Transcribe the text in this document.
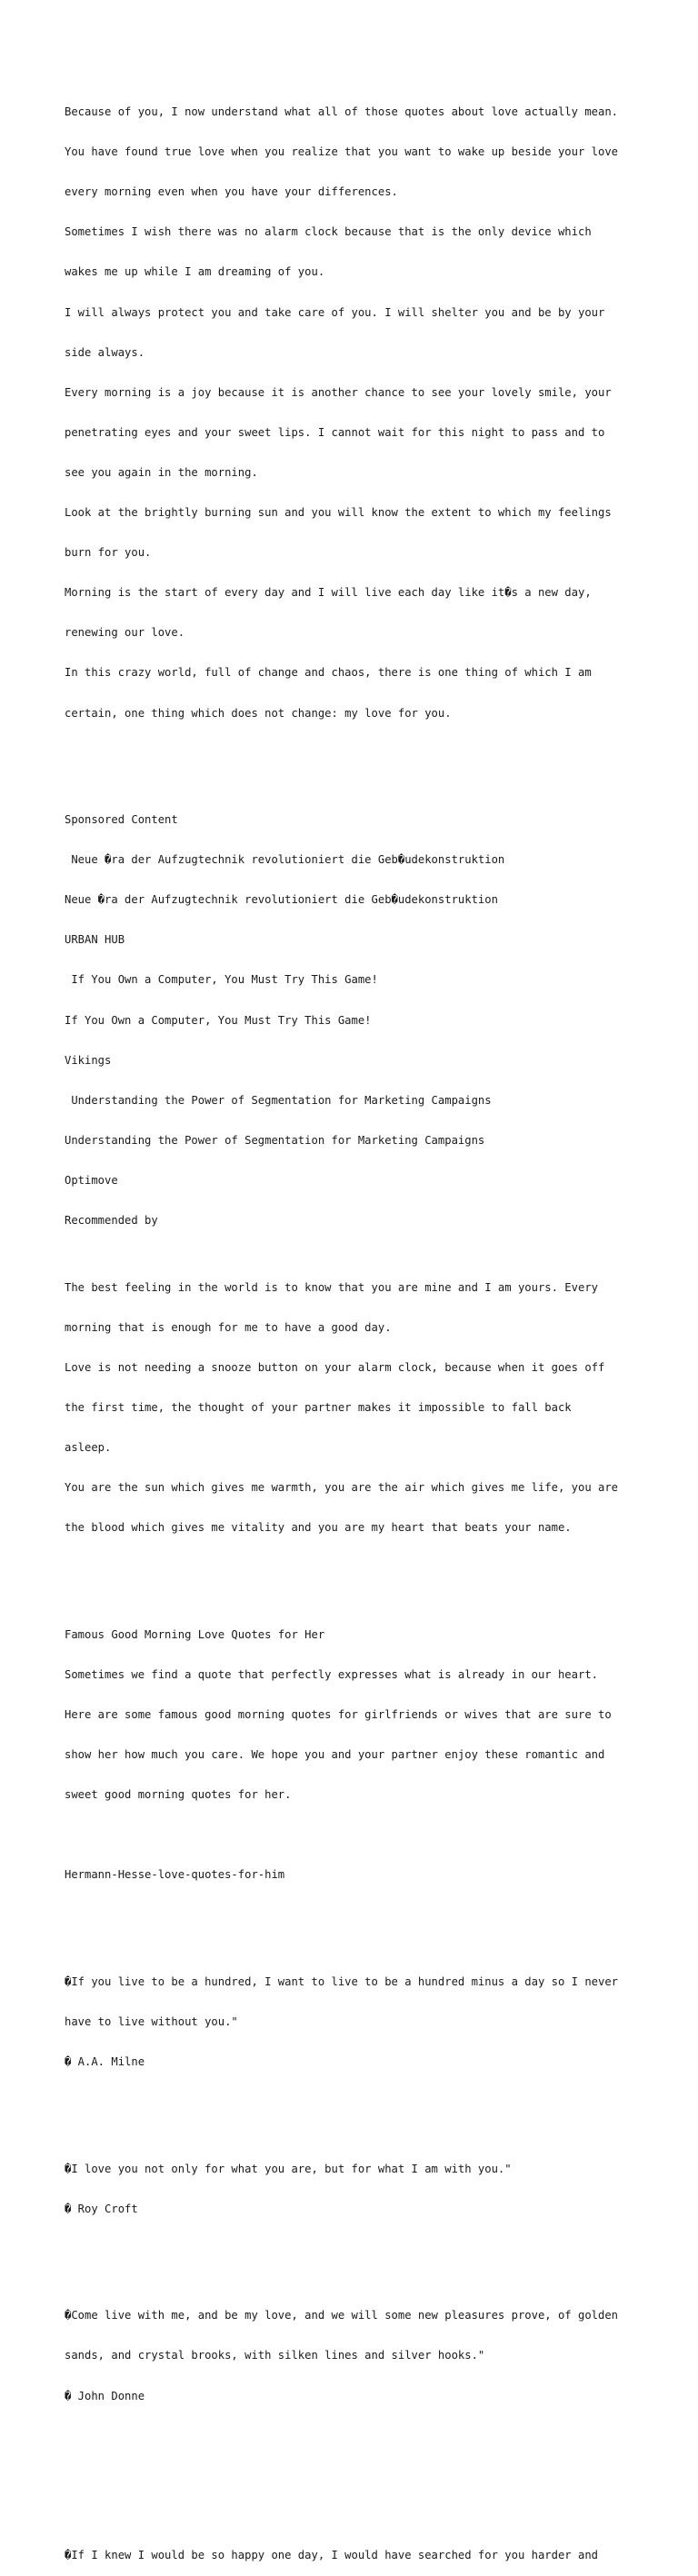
Because of you, I now understand what all of those quotes about love actually mean.

You have found true love when you realize that you want to wake up beside your love

every morning even when you have your differences.

Sometimes I wish there was no alarm clock because that is the only device which

wakes me up while I am dreaming of you.

I will always protect you and take care of you. I will shelter you and be by your

side always.

Every morning is a joy because it is another chance to see your lovely smile, your

penetrating eyes and your sweet lips. I cannot wait for this night to pass and to

see you again in the morning.

Look at the brightly burning sun and you will know the extent to which my feelings

burn for you.

Morning is the start of every day and I will live each day like it�s a new day,

renewing our love.

In this crazy world, full of change and chaos, there is one thing of which I am

certain, one thing which does not change: my love for you.

Sponsored Content

Neue �ra der Aufzugtechnik revolutioniert die Geb�udekonstruktion

Neue �ra der Aufzugtechnik revolutioniert die Geb�udekonstruktion

URBAN HUB

If You Own a Computer, You Must Try This Game!

If You Own a Computer, You Must Try This Game!

Vikings

Understanding the Power of Segmentation for Marketing Campaigns

Understanding the Power of Segmentation for Marketing Campaigns

Optimove

Recommended by

The best feeling in the world is to know that you are mine and I am yours. Every

morning that is enough for me to have a good day.

Love is not needing a snooze button on your alarm clock, because when it goes off

the first time, the thought of your partner makes it impossible to fall back

asleep.

You are the sun which gives me warmth, you are the air which gives me life, you are

the blood which gives me vitality and you are my heart that beats your name.

Famous Good Morning Love Quotes for Her

Sometimes we find a quote that perfectly expresses what is already in our heart.

Here are some famous good morning quotes for girlfriends or wives that are sure to

show her how much you care. We hope you and your partner enjoy these romantic and

sweet good morning quotes for her.

Hermann-Hesse-love-quotes-for-him

�If you live to be a hundred, I want to live to be a hundred minus a day so I never

have to live without you."

� A.A. Milne

�I love you not only for what you are, but for what I am with you."

� Roy Croft

�Come live with me, and be my love, and we will some new pleasures prove, of golden

sands, and crystal brooks, with silken lines and silver hooks."

� John Donne

�If I knew I would be so happy one day, I would have searched for you harder and
